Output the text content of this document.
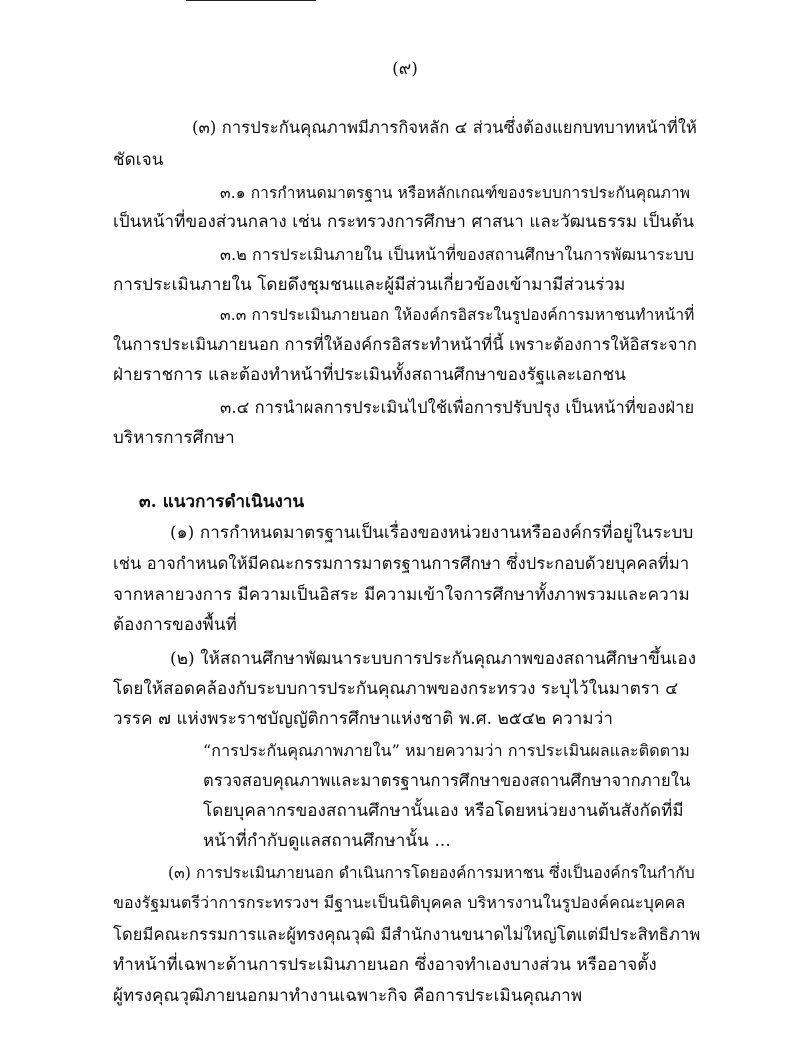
(๙)
(๓) การประกันคุณภาพมีภารกิจหลัก ๔ ส่วนซึ่งต้องแยกบทบาทหน้าที่ให้
ชัดเจน
๓.๑ การกำหนดมาตรฐาน หรือหลักเกณฑ์ของระบบการประกันคุณภาพ
เป็นหน้าที่ของส่วนกลาง เช่น กระทรวงการศึกษา ศาสนา และวัฒนธรรม เป็นต้น
๓.๒ การประเมินภายใน เป็นหน้าที่ของสถานศึกษาในการพัฒนาระบบ
การประเมินภายใน โดยดึงชุมชนและผู้มีส่วนเกี่ยวข้องเข้ามามีส่วนร่วม
๓.๓ การประเมินภายนอก ให้องค์กรอิสระในรูปองค์การมหาชนทำหน้าที่
ในการประเมินภายนอก การที่ให้องค์กรอิสระทำหน้าที่นี้ เพราะต้องการให้อิสระจาก
ฝ่ายราชการ และต้องทำหน้าที่ประเมินทั้งสถานศึกษาของรัฐและเอกชน
๓.๔ การนำผลการประเมินไปใช้เพื่อการปรับปรุง เป็นหน้าที่ของฝ่าย
บริหารการศึกษา
๓. แนวการดำเนินงาน
(๑) การกำหนดมาตรฐานเป็นเรื่องของหน่วยงานหรือองค์กรที่อยู่ในระบบ
เช่น อาจกำหนดให้มีคณะกรรมการมาตรฐานการศึกษา ซึ่งประกอบด้วยบุคคลที่มา
จากหลายวงการ มีความเป็นอิสระ มีความเข้าใจการศึกษาทั้งภาพรวมและความ
ต้องการของพื้นที่
(๒) ให้สถานศึกษาพัฒนาระบบการประกันคุณภาพของสถานศึกษาขึ้นเอง
โดยให้สอดคล้องกับระบบการประกันคุณภาพของกระทรวง ระบุไว้ในมาตรา ๔
วรรค ๗ แห่งพระราชบัญญัติการศึกษาแห่งชาติ พ.ศ. ๒๕๔๒ ความว่า
“การประกันคุณภาพภายใน” หมายความว่า การประเมินผลและติดตาม
ตรวจสอบคุณภาพและมาตรฐานการศึกษาของสถานศึกษาจากภายใน
โดยบุคลากรของสถานศึกษานั้นเอง หรือโดยหน่วยงานต้นสังกัดที่มี
หน้าที่กำกับดูแลสถานศึกษานั้น ...
(๓) การประเมินภายนอก ดำเนินการโดยองค์การมหาชน ซึ่งเป็นองค์กรในกำกับ
ของรัฐมนตรีว่าการกระทรวงฯ มีฐานะเป็นนิติบุคคล บริหารงานในรูปองค์คณะบุคคล
โดยมีคณะกรรมการและผู้ทรงคุณวุฒิ มีสำนักงานขนาดไม่ใหญ่โตแต่มีประสิทธิภาพ
ทำหน้าที่เฉพาะด้านการประเมินภายนอก ซึ่งอาจทำเองบางส่วน หรืออาจตั้ง
ผู้ทรงคุณวุฒิภายนอกมาทำงานเฉพาะกิจ คือการประเมินคุณภาพ
